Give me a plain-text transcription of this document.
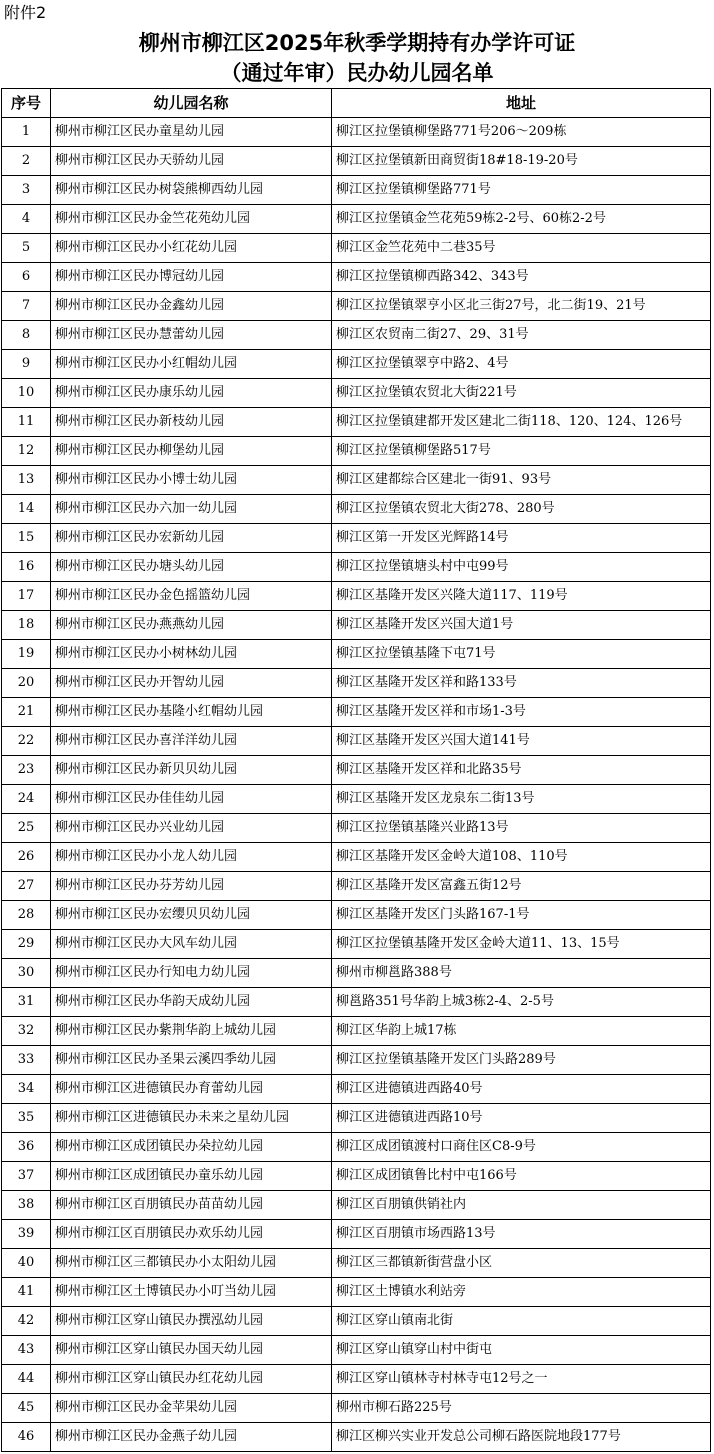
附件2
柳州市柳江区2025年秋季学期持有办学许可证
（通过年审）民办幼儿园名单
序号	幼儿园名称	地址
1	柳州市柳江区民办童星幼儿园	柳江区拉堡镇柳堡路771号206～209栋
2	柳州市柳江区民办天骄幼儿园	柳江区拉堡镇新田商贸街18#18-19-20号
3	柳州市柳江区民办树袋熊柳西幼儿园	柳江区拉堡镇柳堡路771号
4	柳州市柳江区民办金竺花苑幼儿园	柳江区拉堡镇金竺花苑59栋2-2号、60栋2-2号
5	柳州市柳江区民办小红花幼儿园	柳江区金竺花苑中二巷35号
6	柳州市柳江区民办博冠幼儿园	柳江区拉堡镇柳西路342、343号
7	柳州市柳江区民办金鑫幼儿园	柳江区拉堡镇翠亨小区北三街27号，北二街19、21号
8	柳州市柳江区民办慧蕾幼儿园	柳江区农贸南二街27、29、31号
9	柳州市柳江区民办小红帽幼儿园	柳江区拉堡镇翠亨中路2、4号
10	柳州市柳江区民办康乐幼儿园	柳江区拉堡镇农贸北大街221号
11	柳州市柳江区民办新枝幼儿园	柳江区拉堡镇建都开发区建北二街118、120、124、126号
12	柳州市柳江区民办柳堡幼儿园	柳江区拉堡镇柳堡路517号
13	柳州市柳江区民办小博士幼儿园	柳江区建都综合区建北一街91、93号
14	柳州市柳江区民办六加一幼儿园	柳江区拉堡镇农贸北大街278、280号
15	柳州市柳江区民办宏新幼儿园	柳江区第一开发区光辉路14号
16	柳州市柳江区民办塘头幼儿园	柳江区拉堡镇塘头村中屯99号
17	柳州市柳江区民办金色摇篮幼儿园	柳江区基隆开发区兴隆大道117、119号
18	柳州市柳江区民办燕燕幼儿园	柳江区基隆开发区兴国大道1号
19	柳州市柳江区民办小树林幼儿园	柳江区拉堡镇基隆下屯71号
20	柳州市柳江区民办开智幼儿园	柳江区基隆开发区祥和路133号
21	柳州市柳江区民办基隆小红帽幼儿园	柳江区基隆开发区祥和市场1-3号
22	柳州市柳江区民办喜洋洋幼儿园	柳江区基隆开发区兴国大道141号
23	柳州市柳江区民办新贝贝幼儿园	柳江区基隆开发区祥和北路35号
24	柳州市柳江区民办佳佳幼儿园	柳江区基隆开发区龙泉东二街13号
25	柳州市柳江区民办兴业幼儿园	柳江区拉堡镇基隆兴业路13号
26	柳州市柳江区民办小龙人幼儿园	柳江区基隆开发区金岭大道108、110号
27	柳州市柳江区民办芬芳幼儿园	柳江区基隆开发区富鑫五街12号
28	柳州市柳江区民办宏缨贝贝幼儿园	柳江区基隆开发区门头路167-1号
29	柳州市柳江区民办大风车幼儿园	柳江区拉堡镇基隆开发区金岭大道11、13、15号
30	柳州市柳江区民办行知电力幼儿园	柳州市柳邕路388号
31	柳州市柳江区民办华韵天成幼儿园	柳邕路351号华韵上城3栋2-4、2-5号
32	柳州市柳江区民办紫荆华韵上城幼儿园	柳江区华韵上城17栋
33	柳州市柳江区民办圣果云溪四季幼儿园	柳江区拉堡镇基隆开发区门头路289号
34	柳州市柳江区进德镇民办育蕾幼儿园	柳江区进德镇进西路40号
35	柳州市柳江区进德镇民办未来之星幼儿园	柳江区进德镇进西路10号
36	柳州市柳江区成团镇民办朵拉幼儿园	柳江区成团镇渡村口商住区C8-9号
37	柳州市柳江区成团镇民办童乐幼儿园	柳江区成团镇鲁比村中屯166号
38	柳州市柳江区百朋镇民办苗苗幼儿园	柳江区百朋镇供销社内
39	柳州市柳江区百朋镇民办欢乐幼儿园	柳江区百朋镇市场西路13号
40	柳州市柳江区三都镇民办小太阳幼儿园	柳江区三都镇新街营盘小区
41	柳州市柳江区土博镇民办小叮当幼儿园	柳江区土博镇水利站旁
42	柳州市柳江区穿山镇民办撰泓幼儿园	柳江区穿山镇南北街
43	柳州市柳江区穿山镇民办国天幼儿园	柳江区穿山镇穿山村中街屯
44	柳州市柳江区穿山镇民办红花幼儿园	柳江区穿山镇林寺村林寺屯12号之一
45	柳州市柳江区民办金苹果幼儿园	柳州市柳石路225号
46	柳州市柳江区民办金燕子幼儿园	柳江区柳兴实业开发总公司柳石路医院地段177号
